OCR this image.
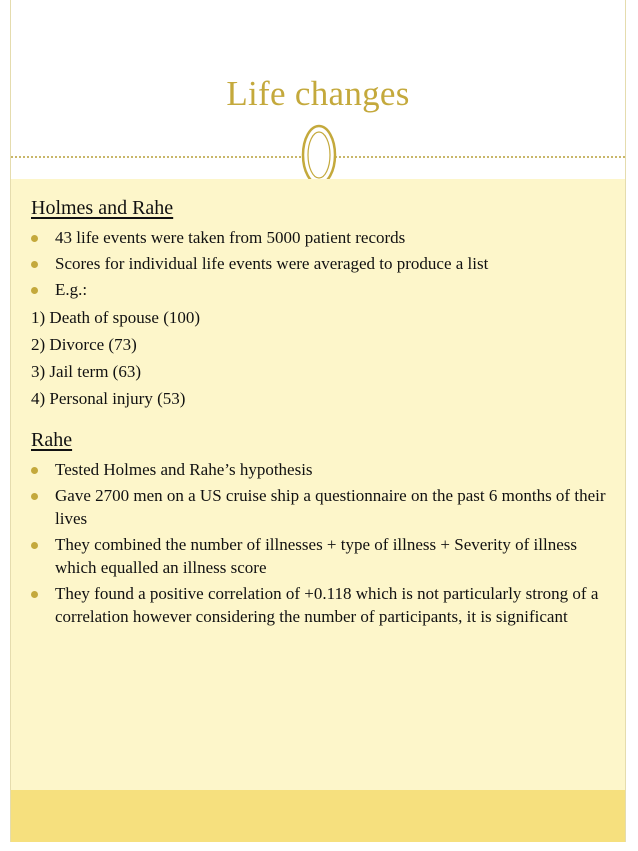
Life changes
Holmes and Rahe
43 life events were taken from 5000 patient records
Scores for individual life events were averaged to produce a list
E.g.:
1) Death of spouse (100)
2) Divorce (73)
3) Jail term (63)
4) Personal injury (53)
Rahe
Tested Holmes and Rahe’s hypothesis
Gave 2700 men on a US cruise ship a questionnaire on the past 6 months of their lives
They combined the number of illnesses + type of illness + Severity of illness which equalled an illness score
They found a positive correlation of +0.118 which is not particularly strong of a correlation however considering the number of participants, it is significant
